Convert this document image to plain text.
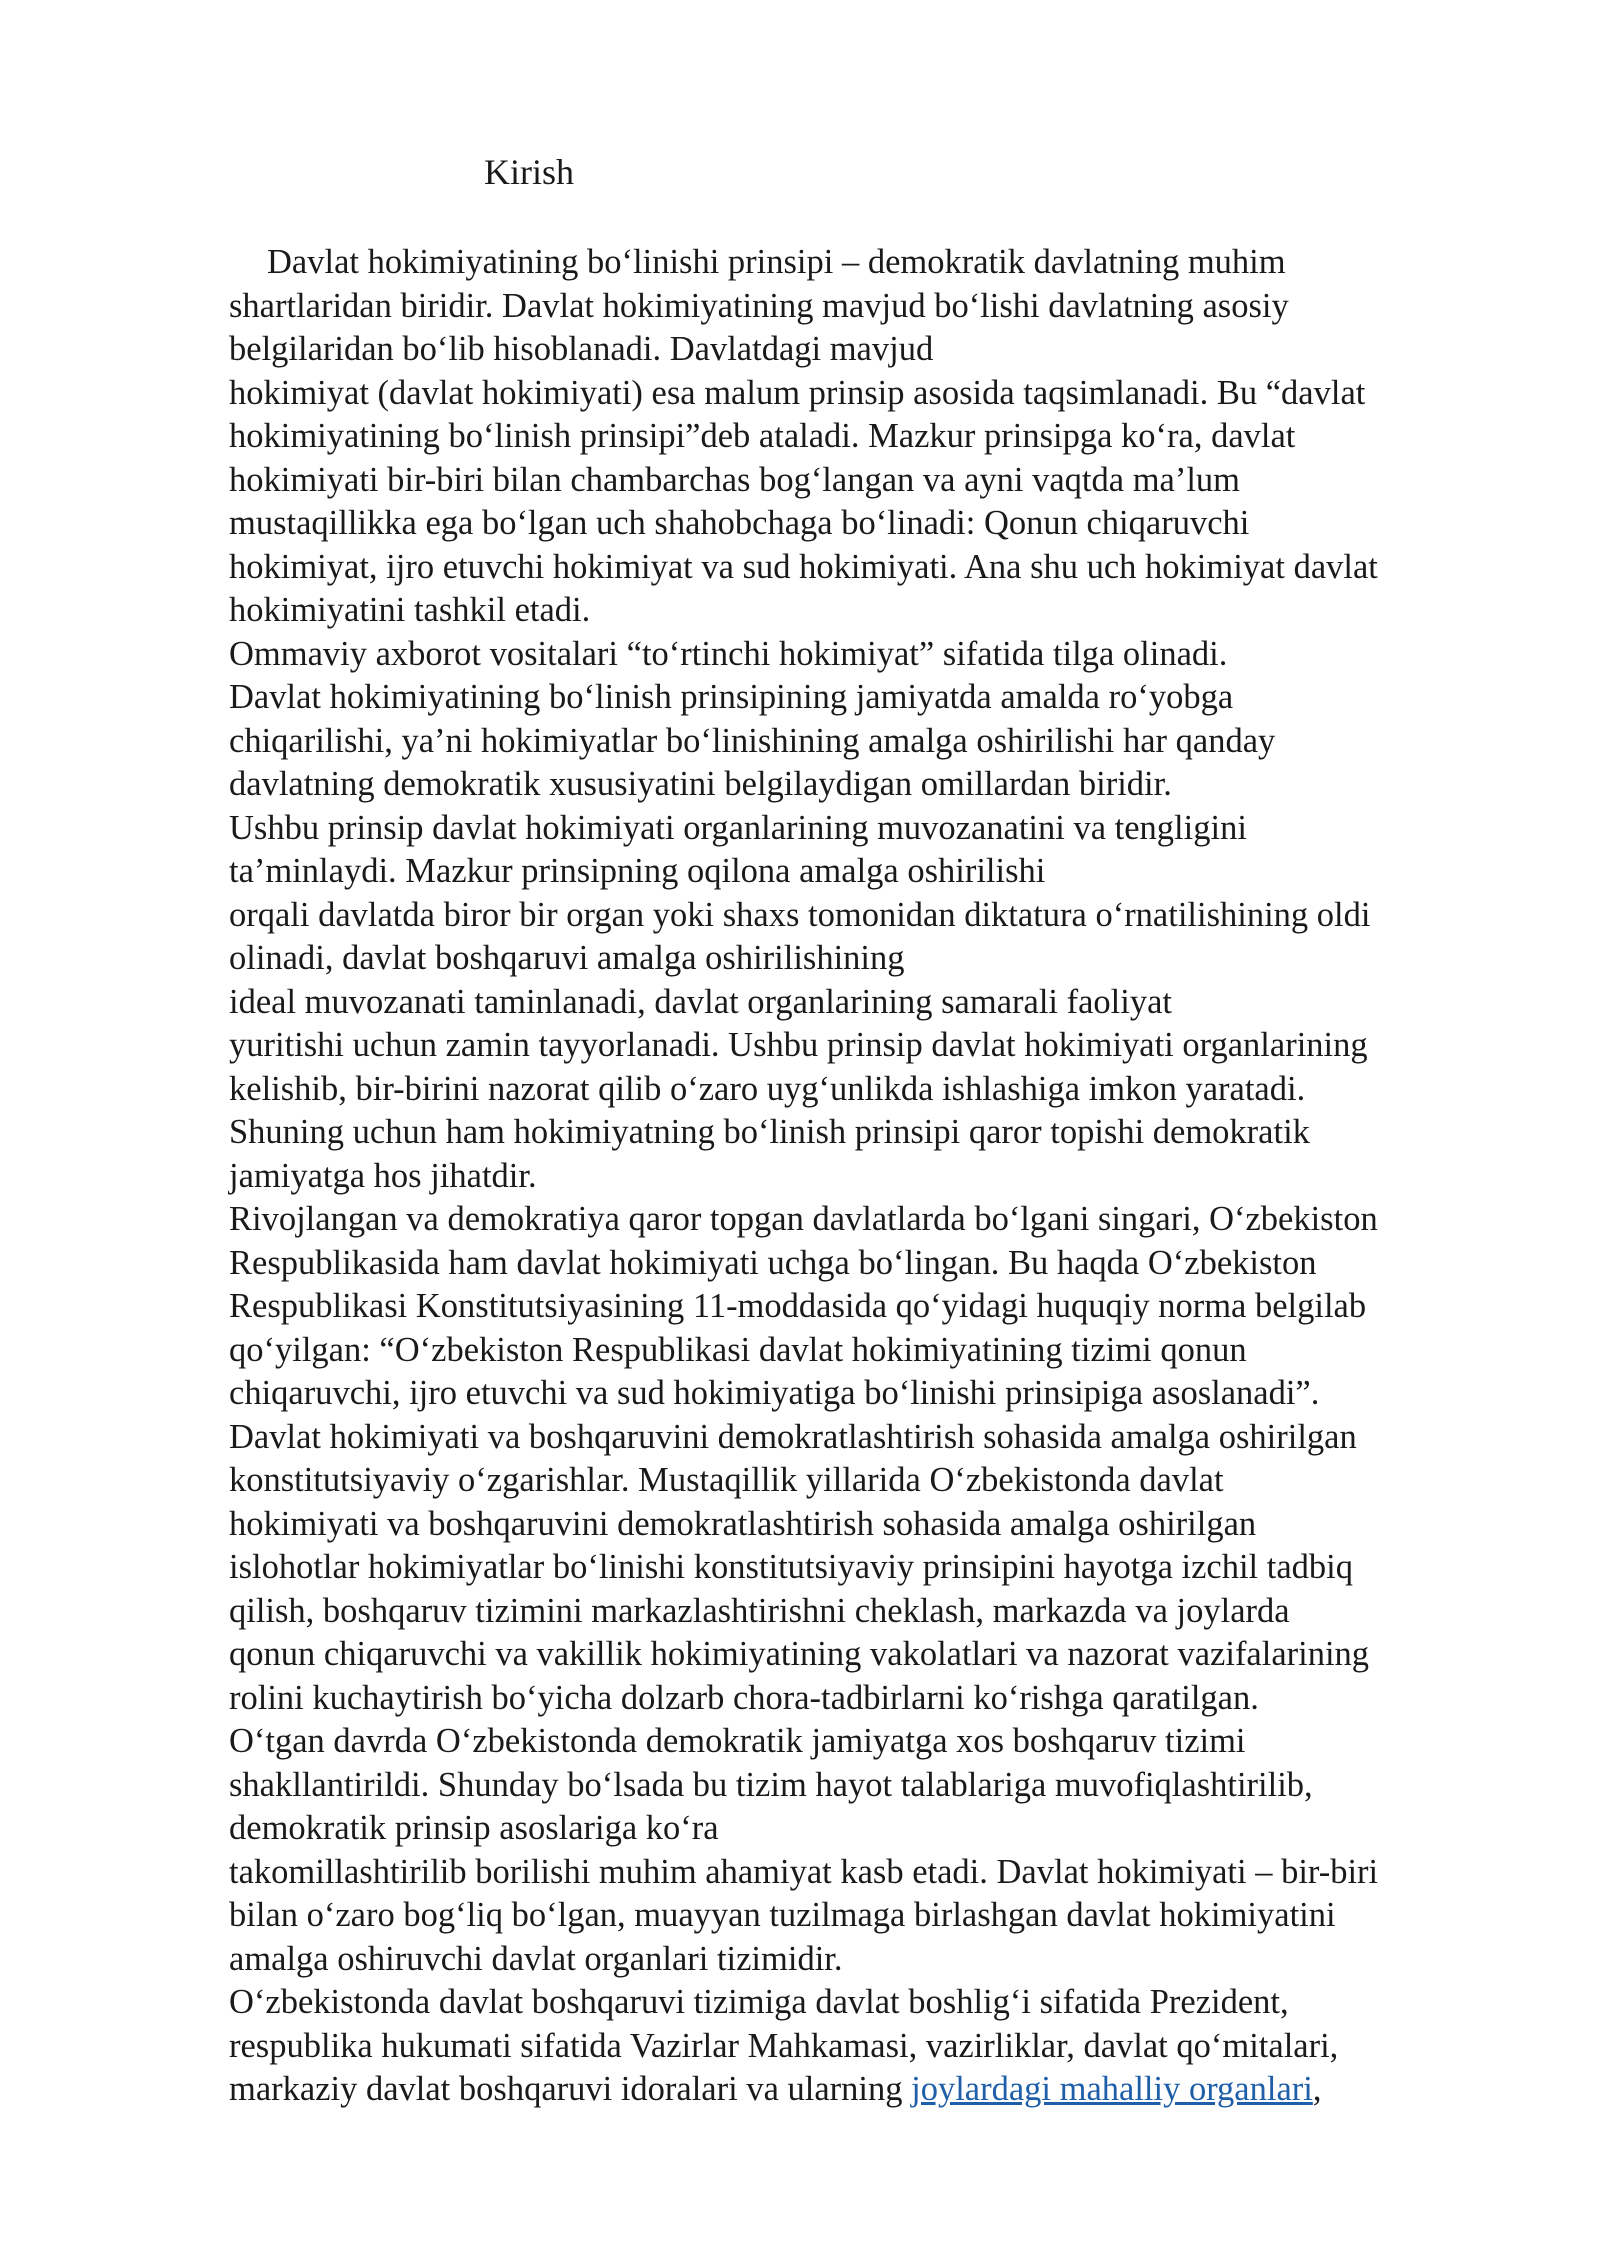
Kirish
Davlat hokimiyatining bo‘linishi prinsipi – demokratik davlatning muhim
shartlaridan biridir. Davlat hokimiyatining mavjud bo‘lishi davlatning asosiy
belgilaridan bo‘lib hisoblanadi. Davlatdagi mavjud
hokimiyat (davlat hokimiyati) esa malum prinsip asosida taqsimlanadi. Bu “davlat
hokimiyatining bo‘linish prinsipi”deb ataladi. Mazkur prinsipga ko‘ra, davlat
hokimiyati bir-biri bilan chambarchas bog‘langan va ayni vaqtda ma’lum
mustaqillikka ega bo‘lgan uch shahobchaga bo‘linadi: Qonun chiqaruvchi
hokimiyat, ijro etuvchi hokimiyat va sud hokimiyati. Ana shu uch hokimiyat davlat
hokimiyatini tashkil etadi.
Ommaviy axborot vositalari “to‘rtinchi hokimiyat” sifatida tilga olinadi.
Davlat hokimiyatining bo‘linish prinsipining jamiyatda amalda ro‘yobga
chiqarilishi, ya’ni hokimiyatlar bo‘linishining amalga oshirilishi har qanday
davlatning demokratik xususiyatini belgilaydigan omillardan biridir.
Ushbu prinsip davlat hokimiyati organlarining muvozanatini va tengligini
ta’minlaydi. Mazkur prinsipning oqilona amalga oshirilishi
orqali davlatda biror bir organ yoki shaxs tomonidan diktatura o‘rnatilishining oldi
olinadi, davlat boshqaruvi amalga oshirilishining
ideal muvozanati taminlanadi, davlat organlarining samarali faoliyat
yuritishi uchun zamin tayyorlanadi. Ushbu prinsip davlat hokimiyati organlarining
kelishib, bir-birini nazorat qilib o‘zaro uyg‘unlikda ishlashiga imkon yaratadi.
Shuning uchun ham hokimiyatning bo‘linish prinsipi qaror topishi demokratik
jamiyatga hos jihatdir.
Rivojlangan va demokratiya qaror topgan davlatlarda bo‘lgani singari, O‘zbekiston
Respublikasida ham davlat hokimiyati uchga bo‘lingan. Bu haqda O‘zbekiston
Respublikasi Konstitutsiyasining 11-moddasida qo‘yidagi huquqiy norma belgilab
qo‘yilgan: “O‘zbekiston Respublikasi davlat hokimiyatining tizimi qonun
chiqaruvchi, ijro etuvchi va sud hokimiyatiga bo‘linishi prinsipiga asoslanadi”.
Davlat hokimiyati va boshqaruvini demokratlashtirish sohasida amalga oshirilgan
konstitutsiyaviy o‘zgarishlar. Mustaqillik yillarida O‘zbekistonda davlat
hokimiyati va boshqaruvini demokratlashtirish sohasida amalga oshirilgan
islohotlar hokimiyatlar bo‘linishi konstitutsiyaviy prinsipini hayotga izchil tadbiq
qilish, boshqaruv tizimini markazlashtirishni cheklash, markazda va joylarda
qonun chiqaruvchi va vakillik hokimiyatining vakolatlari va nazorat vazifalarining
rolini kuchaytirish bo‘yicha dolzarb chora-tadbirlarni ko‘rishga qaratilgan.
O‘tgan davrda O‘zbekistonda demokratik jamiyatga xos boshqaruv tizimi
shakllantirildi. Shunday bo‘lsada bu tizim hayot talablariga muvofiqlashtirilib,
demokratik prinsip asoslariga ko‘ra
takomillashtirilib borilishi muhim ahamiyat kasb etadi. Davlat hokimiyati – bir-biri
bilan o‘zaro bog‘liq bo‘lgan, muayyan tuzilmaga birlashgan davlat hokimiyatini
amalga oshiruvchi davlat organlari tizimidir.
O‘zbekistonda davlat boshqaruvi tizimiga davlat boshlig‘i sifatida Prezident,
respublika hukumati sifatida Vazirlar Mahkamasi, vazirliklar, davlat qo‘mitalari,
markaziy davlat boshqaruvi idoralari va ularning joylardagi mahalliy organlari,
